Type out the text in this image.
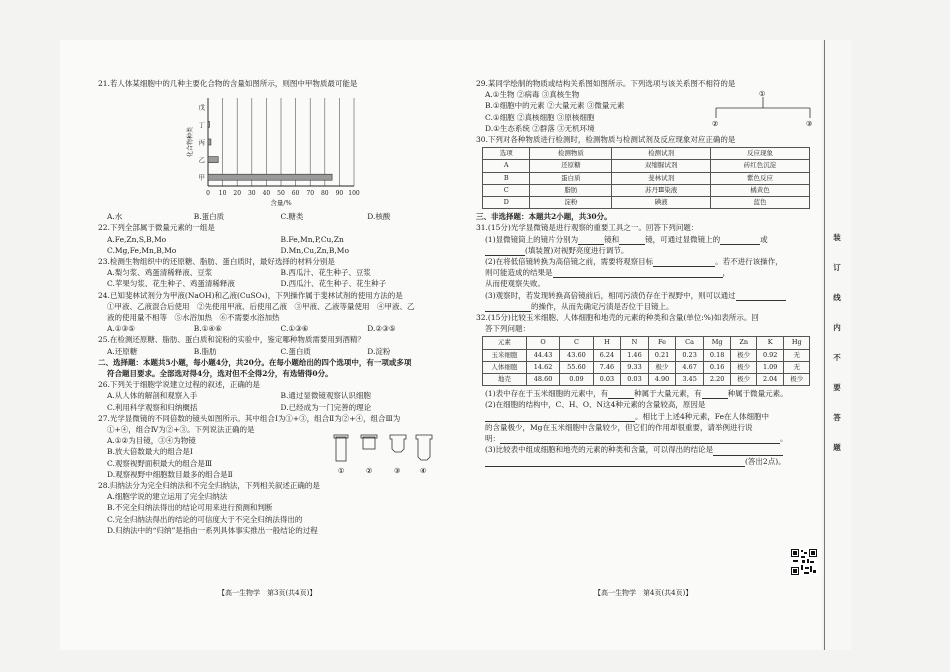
21.若人体某细胞中的几种主要化合物的含量如图所示，则图中甲物质最可能是
0 10 20 30 40 50 60 70 80 90 100
甲
乙
丙
丁
戊
含量/%
化合物种类
A.水	B.蛋白质	C.糖类	D.核酸
22.下列全部属于微量元素的一组是
A.Fe,Zn,S,B,Mo	B.Fe,Mn,P,Cu,Zn
C.Mg,Fe,Mn,B,Mo	D.Mn,Cu,Zn,B,Mo
23.检测生物组织中的还原糖、脂肪、蛋白质时，最好选择的材料分别是
A.梨匀浆、鸡蛋清稀释液、豆浆	B.西瓜汁、花生种子、豆浆
C.苹果匀浆、花生种子、鸡蛋清稀释液	D.西瓜汁、花生种子、花生种子
24.已知斐林试剂分为甲液(NaOH)和乙液(CuSO₄)，下列操作属于斐林试剂的使用方法的是
①甲液、乙液混合后使用　②先使用甲液、后使用乙液　③甲液、乙液等量使用　④甲液、乙
液的使用量不相等　⑤水浴加热　⑥不需要水浴加热
A.①③⑤	B.①④⑥	C.①③⑥	D.②③⑤
25.在检测还原糖、脂肪、蛋白质和淀粉的实验中，鉴定哪种物质需要用到酒精？
A.还原糖	B.脂肪	C.蛋白质	D.淀粉
二、选择题：本题共5小题，每小题4分，共20分。在每小题给出的四个选项中，有一项或多项
符合题目要求。全部选对得4分，选对但不全得2分，有选错得0分。
26.下列关于细胞学说建立过程的叙述，正确的是
A.从人体的解剖和观察入手	B.通过显微镜观察认识细胞
C.利用科学观察和归纳概括	D.已经成为一门完善的理论
27.光学显微镜的不同倍数的镜头如图所示。其中组合Ⅰ为①+③，组合Ⅱ为②+④，组合Ⅲ为
①+④，组合Ⅳ为②+③。下列说法正确的是
A.①②为目镜，③④为物镜
B.放大倍数最大的组合是Ⅰ
C.观察视野面积最大的组合是Ⅲ
D.观察视野中细胞数目最多的组合是Ⅱ	①	②	③	④
28.归纳法分为完全归纳法和不完全归纳法，下列相关叙述正确的是
A.细胞学说的建立运用了完全归纳法
B.不完全归纳法得出的结论可用来进行预测和判断
C.完全归纳法得出的结论的可信度大于不完全归纳法得出的
D.归纳法中的“归纳”是指由一系列具体事实推出一般结论的过程
【高一生物学　第3页(共4页)】
29.某同学绘制的物质或结构关系图如图所示。下列选项与该关系图不相符的是
A.①生物 ②病毒 ③真核生物
B.①细胞中的元素 ②大量元素 ③微量元素
C.①细胞 ②真核细胞 ③原核细胞
D.①生态系统 ②群落 ③无机环境
①
②	③
30.下列对各种物质进行检测时，检测物质与检测试剂及反应现象对应正确的是
选项	检测物质	检测试剂	反应现象
A	还原糖	双缩脲试剂	砖红色沉淀
B	蛋白质	斐林试剂	紫色反应
C	脂肪	苏丹Ⅲ染液	橘黄色
D	淀粉	碘液	蓝色
三、非选择题：本题共2小题，共30分。
31.(15分)光学显微镜是进行观察的重要工具之一。回答下列问题：
(1)显微镜筒上的镜片分别为	镜和	镜，可通过显微镜上的	或
(填装置)对视野亮度进行调节。
(2)在将低倍镜转换为高倍镜之前，需要将观察目标	。若不进行该操作，
则可能造成的结果是	，
从而使观察失败。
(3)观察时，若发现转换高倍镜前后，相同污渍仍存在于视野中，则可以通过
的操作，从而先确定污渍是否位于目镜上。
32.(15分)比较玉米细胞、人体细胞和地壳的元素的种类和含量(单位:%)如表所示。回
答下列问题：
元素	O	C	H	N	Fe	Ca	Mg	Zn	K	Hg
玉米细胞	44.43	43.60	6.24	1.46	0.21	0.23	0.18	极少	0.92	无
人体细胞	14.62	55.60	7.46	9.33	极少	4.67	0.16	极少	1.09	无
地壳	48.60	0.09	0.03	0.03	4.90	3.45	2.20	极少	2.04	极少
(1)表中存在于玉米细胞的元素中，有	种属于大量元素，有	种属于微量元素。
(2)在细胞的结构中，C、H、O、N这4种元素的含量较高，原因是
。相比于上述4种元素，Fe在人体细胞中
的含量极少，Mg在玉米细胞中含量较少，但它们的作用却很重要，请举例进行说
明：	。
(3)比较表中组成细胞和地壳的元素的种类和含量，可以得出的结论是
(答出2点)。
【高一生物学　第4页(共4页)】
装
订
线
内
不
要
答
题
